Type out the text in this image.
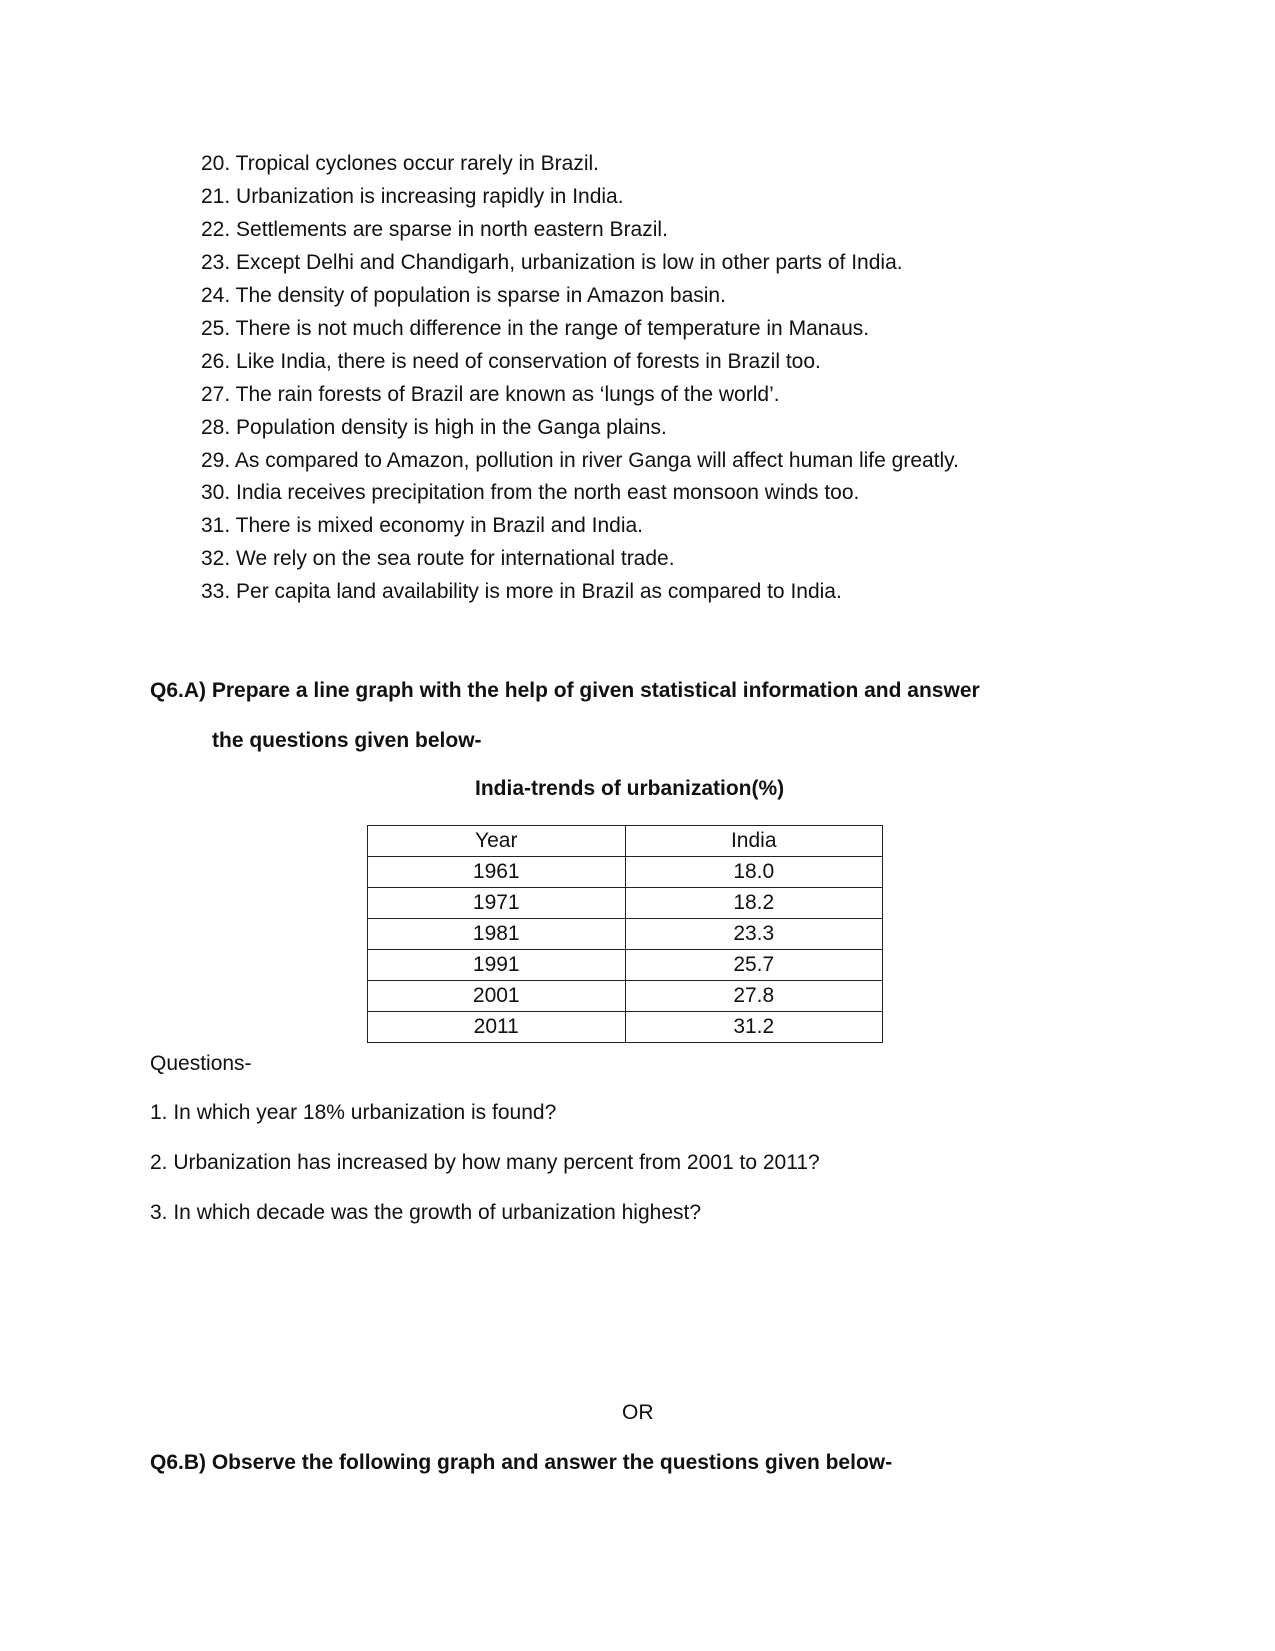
20. Tropical cyclones occur rarely in Brazil.
21. Urbanization is increasing rapidly in India.
22. Settlements are sparse in north eastern Brazil.
23. Except Delhi and Chandigarh, urbanization is low in other parts of India.
24. The density of population is sparse in Amazon basin.
25. There is not much difference in the range of temperature in Manaus.
26. Like India, there is need of conservation of forests in Brazil too.
27. The rain forests of Brazil are known as ‘lungs of the world’.
28. Population density is high in the Ganga plains.
29. As compared to Amazon, pollution in river Ganga will affect human life greatly.
30. India receives precipitation from the north east monsoon winds too.
31. There is mixed economy in Brazil and India.
32. We rely on the sea route for international trade.
33. Per capita land availability is more in Brazil as compared to India.
Q6.A) Prepare a line graph with the help of given statistical information and answer
the questions given below-
India-trends of urbanization(%)
Year	India
1961	18.0
1971	18.2
1981	23.3
1991	25.7
2001	27.8
2011	31.2
Questions-
1. In which year 18% urbanization is found?
2. Urbanization has increased by how many percent from 2001 to 2011?
3. In which decade was the growth of urbanization highest?
OR
Q6.B) Observe the following graph and answer the questions given below-
